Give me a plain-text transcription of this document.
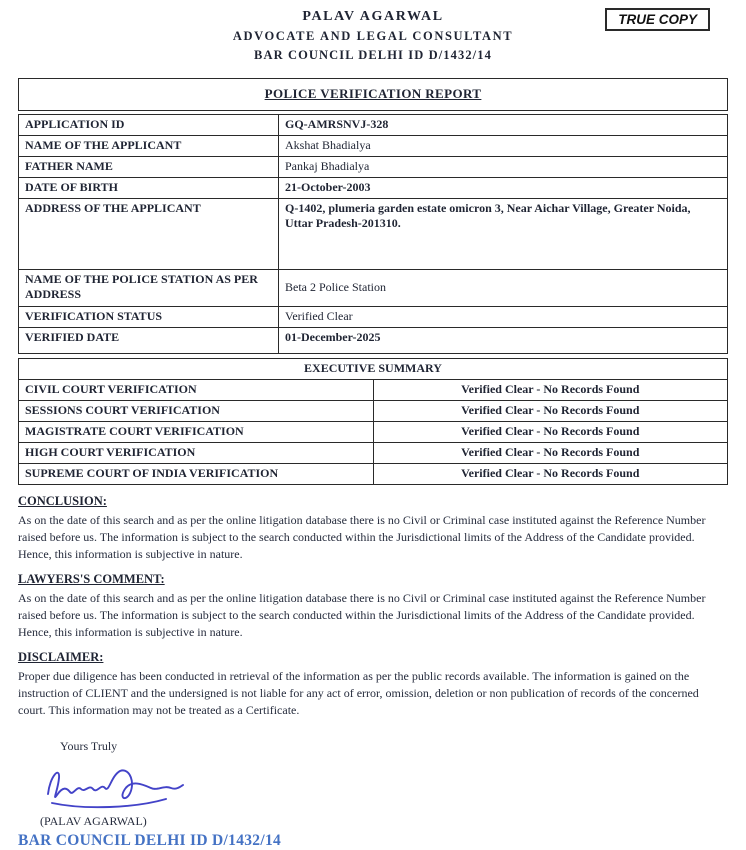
PALAV AGARWAL
ADVOCATE AND LEGAL CONSULTANT
BAR COUNCIL DELHI ID D/1432/14
TRUE COPY
POLICE VERIFICATION REPORT
APPLICATION ID	GQ-AMRSNVJ-328
NAME OF THE APPLICANT	Akshat Bhadialya
FATHER NAME	Pankaj Bhadialya
DATE OF BIRTH	21-October-2003
ADDRESS OF THE APPLICANT	Q-1402, plumeria garden estate omicron 3, Near Aichar Village, Greater Noida, Uttar Pradesh-201310.
NAME OF THE POLICE STATION AS PER ADDRESS	Beta 2 Police Station
VERIFICATION STATUS	Verified Clear
VERIFIED DATE	01-December-2025
EXECUTIVE SUMMARY	
CIVIL COURT VERIFICATION	Verified Clear - No Records Found
SESSIONS COURT VERIFICATION	Verified Clear - No Records Found
MAGISTRATE COURT VERIFICATION	Verified Clear - No Records Found
HIGH COURT VERIFICATION	Verified Clear - No Records Found
SUPREME COURT OF INDIA VERIFICATION	Verified Clear - No Records Found
CONCLUSION:

As on the date of this search and as per the online litigation database there is no Civil or Criminal case instituted against the Reference Number raised before us. The information is subject to the search conducted within the Jurisdictional limits of the Address of the Candidate provided. Hence, this information is subjective in nature.

LAWYERS'S COMMENT:

As on the date of this search and as per the online litigation database there is no Civil or Criminal case instituted against the Reference Number raised before us. The information is subject to the search conducted within the Jurisdictional limits of the Address of the Candidate provided. Hence, this information is subjective in nature.

DISCLAIMER:

Proper due diligence has been conducted in retrieval of the information as per the public records available. The information is gained on the instruction of CLIENT and the undersigned is not liable for any act of error, omission, deletion or non publication of records of the concerned court. This information may not be treated as a Certificate.

Yours Truly
(PALAV AGARWAL)
BAR COUNCIL DELHI ID D/1432/14
